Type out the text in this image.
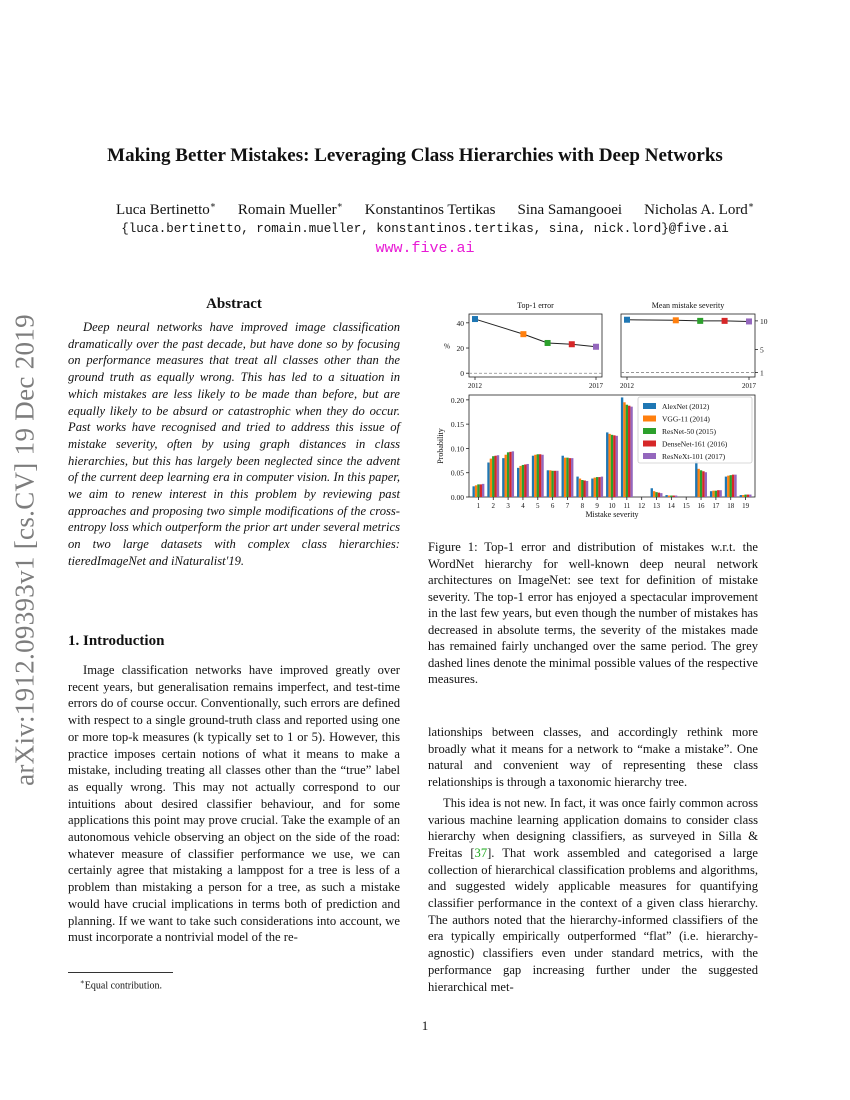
arXiv:1912.09393v1 [cs.CV] 19 Dec 2019
Making Better Mistakes: Leveraging Class Hierarchies with Deep Networks
Luca Bertinetto∗ Romain Mueller∗ Konstantinos Tertikas Sina Samangooei Nicholas A. Lord∗
{luca.bertinetto, romain.mueller, konstantinos.tertikas, sina, nick.lord}@five.ai
www.five.ai
Abstract

Deep neural networks have improved image classification dramatically over the past decade, but have done so by focusing on performance measures that treat all classes other than the ground truth as equally wrong. This has led to a situation in which mistakes are less likely to be made than before, but are equally likely to be absurd or catastrophic when they do occur. Past works have recognised and tried to address this issue of mistake severity, often by using graph distances in class hierarchies, but this has largely been neglected since the advent of the current deep learning era in computer vision. In this paper, we aim to renew interest in this problem by reviewing past approaches and proposing two simple modifications of the cross-entropy loss which outperform the prior art under several metrics on two large datasets with complex class hierarchies: tieredImageNet and iNaturalist'19.

1. Introduction

Image classification networks have improved greatly over recent years, but generalisation remains imperfect, and test-time errors do of course occur. Conventionally, such errors are defined with respect to a single ground-truth class and reported using one or more top-k measures (k typically set to 1 or 5). However, this practice imposes certain notions of what it means to make a mistake, including treating all classes other than the “true” label as equally wrong. This may not actually correspond to our intuitions about desired classifier behaviour, and for some applications this point may prove crucial. Take the example of an autonomous vehicle observing an object on the side of the road: whatever measure of classifier performance we use, we can certainly agree that mistaking a lamppost for a tree is less of a problem than mistaking a person for a tree, as such a mistake would have crucial implications in terms both of prediction and planning. If we want to take such considerations into account, we must incorporate a nontrivial model of the re-

∗Equal contribution.
Top-1 error
0
20
40
%
2012	2017
Mean mistake severity
1
5
10
2012	2017
1 2 3 4 5 6 7 8 9 10 11 12 13 14 15 16 17 18 19
0.00
0.05
0.10
0.15
0.20
Probability
Mistake severity
AlexNet (2012)
VGG-11 (2014)
ResNet-50 (2015)
DenseNet-161 (2016)
ResNeXt-101 (2017)

Figure 1: Top-1 error and distribution of mistakes w.r.t. the WordNet hierarchy for well-known deep neural network architectures on ImageNet: see text for definition of mistake severity. The top-1 error has enjoyed a spectacular improvement in the last few years, but even though the number of mistakes has decreased in absolute terms, the severity of the mistakes made has remained fairly unchanged over the same period. The grey dashed lines denote the minimal possible values of the respective measures.

lationships between classes, and accordingly rethink more broadly what it means for a network to “make a mistake”. One natural and convenient way of representing these class relationships is through a taxonomic hierarchy tree.

This idea is not new. In fact, it was once fairly common across various machine learning application domains to consider class hierarchy when designing classifiers, as surveyed in Silla & Freitas [37]. That work assembled and categorised a large collection of hierarchical classification problems and algorithms, and suggested widely applicable measures for quantifying classifier performance in the context of a given class hierarchy. The authors noted that the hierarchy-informed classifiers of the era typically empirically outperformed “flat” (i.e. hierarchy-agnostic) classifiers even under standard metrics, with the performance gap increasing further under the suggested hierarchical met-

1
